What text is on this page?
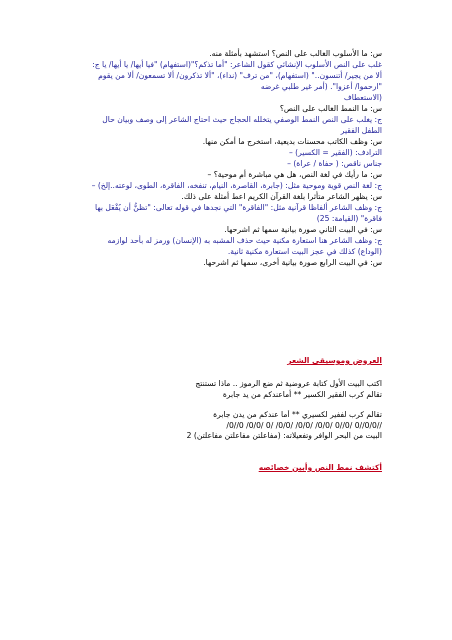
س: ما الأسلوب الغالب على النص؟ استشهد بأمثلة منه.
غلب على النص الأسلوب الإنشائي كقول الشاعر: "أما تذكم؟"(استفهام) "فيا أيها/ يا أيها/ يا ج:
ألا من يجير/ أتنسون.." (استفهام)، "من ترف" (نداء)، "ألا تذكرون/ ألا تسمعون/ ألا من يقوم
"ارحموا/ أعزوا". (أمر غير طلبي غرضه
(الاستعطاف
س: ما النمط الغالب على النص؟
ج: يغلب على النص النمط الوصفي يتخلله الحجاج حيث احتاج الشاعر إلى وصف وبيان حال
الطفل الفقير
س: وظف الكاتب محسنات بديعية، استخرج ما أمكن منها.
الترادف: (الفقير = الكسير) –
جناس ناقص: ( حفاة / عراة) –
س: ما رأيك في لغة النص، هل هي مباشرة أم موحية؟ –
ج: لغة النص قوية وموحية مثل: (جابرة، القاصرة، النيام، تنفخه، الفاقرة، الطوى، لوعته..إلخ) –
س: يظهر الشاعر متأثرا بلغة القرآن الكريم اعط أمثلة على ذلك.
ج: وظف الشاعر ألفاظا قرآنية مثل: "الفاقرة" التي نجدها في قوله تعالى: "تظنُّ أن يُفْعَل بها
فاقرة" (القيامة: 25)
س: في البيت الثاني صورة بيانية سمها ثم اشرحها.
ج: وظف الشاعر هنا استعارة مكنية حيث حذف المشبه به (الإنسان) ورمز له بأحد لوازمه
(الوداع) كذلك في عجز البيت استعارة مكنية ثانية.
س: في البيت الرابع صورة بيانية أخرى، سمها ثم اشرحها.
العروض وموسيقى الشعر
اكتب البيت الأول كتابة عروضية ثم ضع الرموز .. ماذا تستنتج
تقالم كرب الفقير الكسير ** أماعندكم من يد جابرة
تقالم كرب لففير لكسيري ** أما عندكم من يدن جابرة
/0//0 /0/0/ 0/ /0/0/ /0/0/ /0/0/ 0//0/ 0//0/0//
البيت من البحر الوافر وتفعيلاته: (مفاعلتن مفاعلتن مفاعلتن) 2
أكتشف نمط النص وأبين خصائصه
